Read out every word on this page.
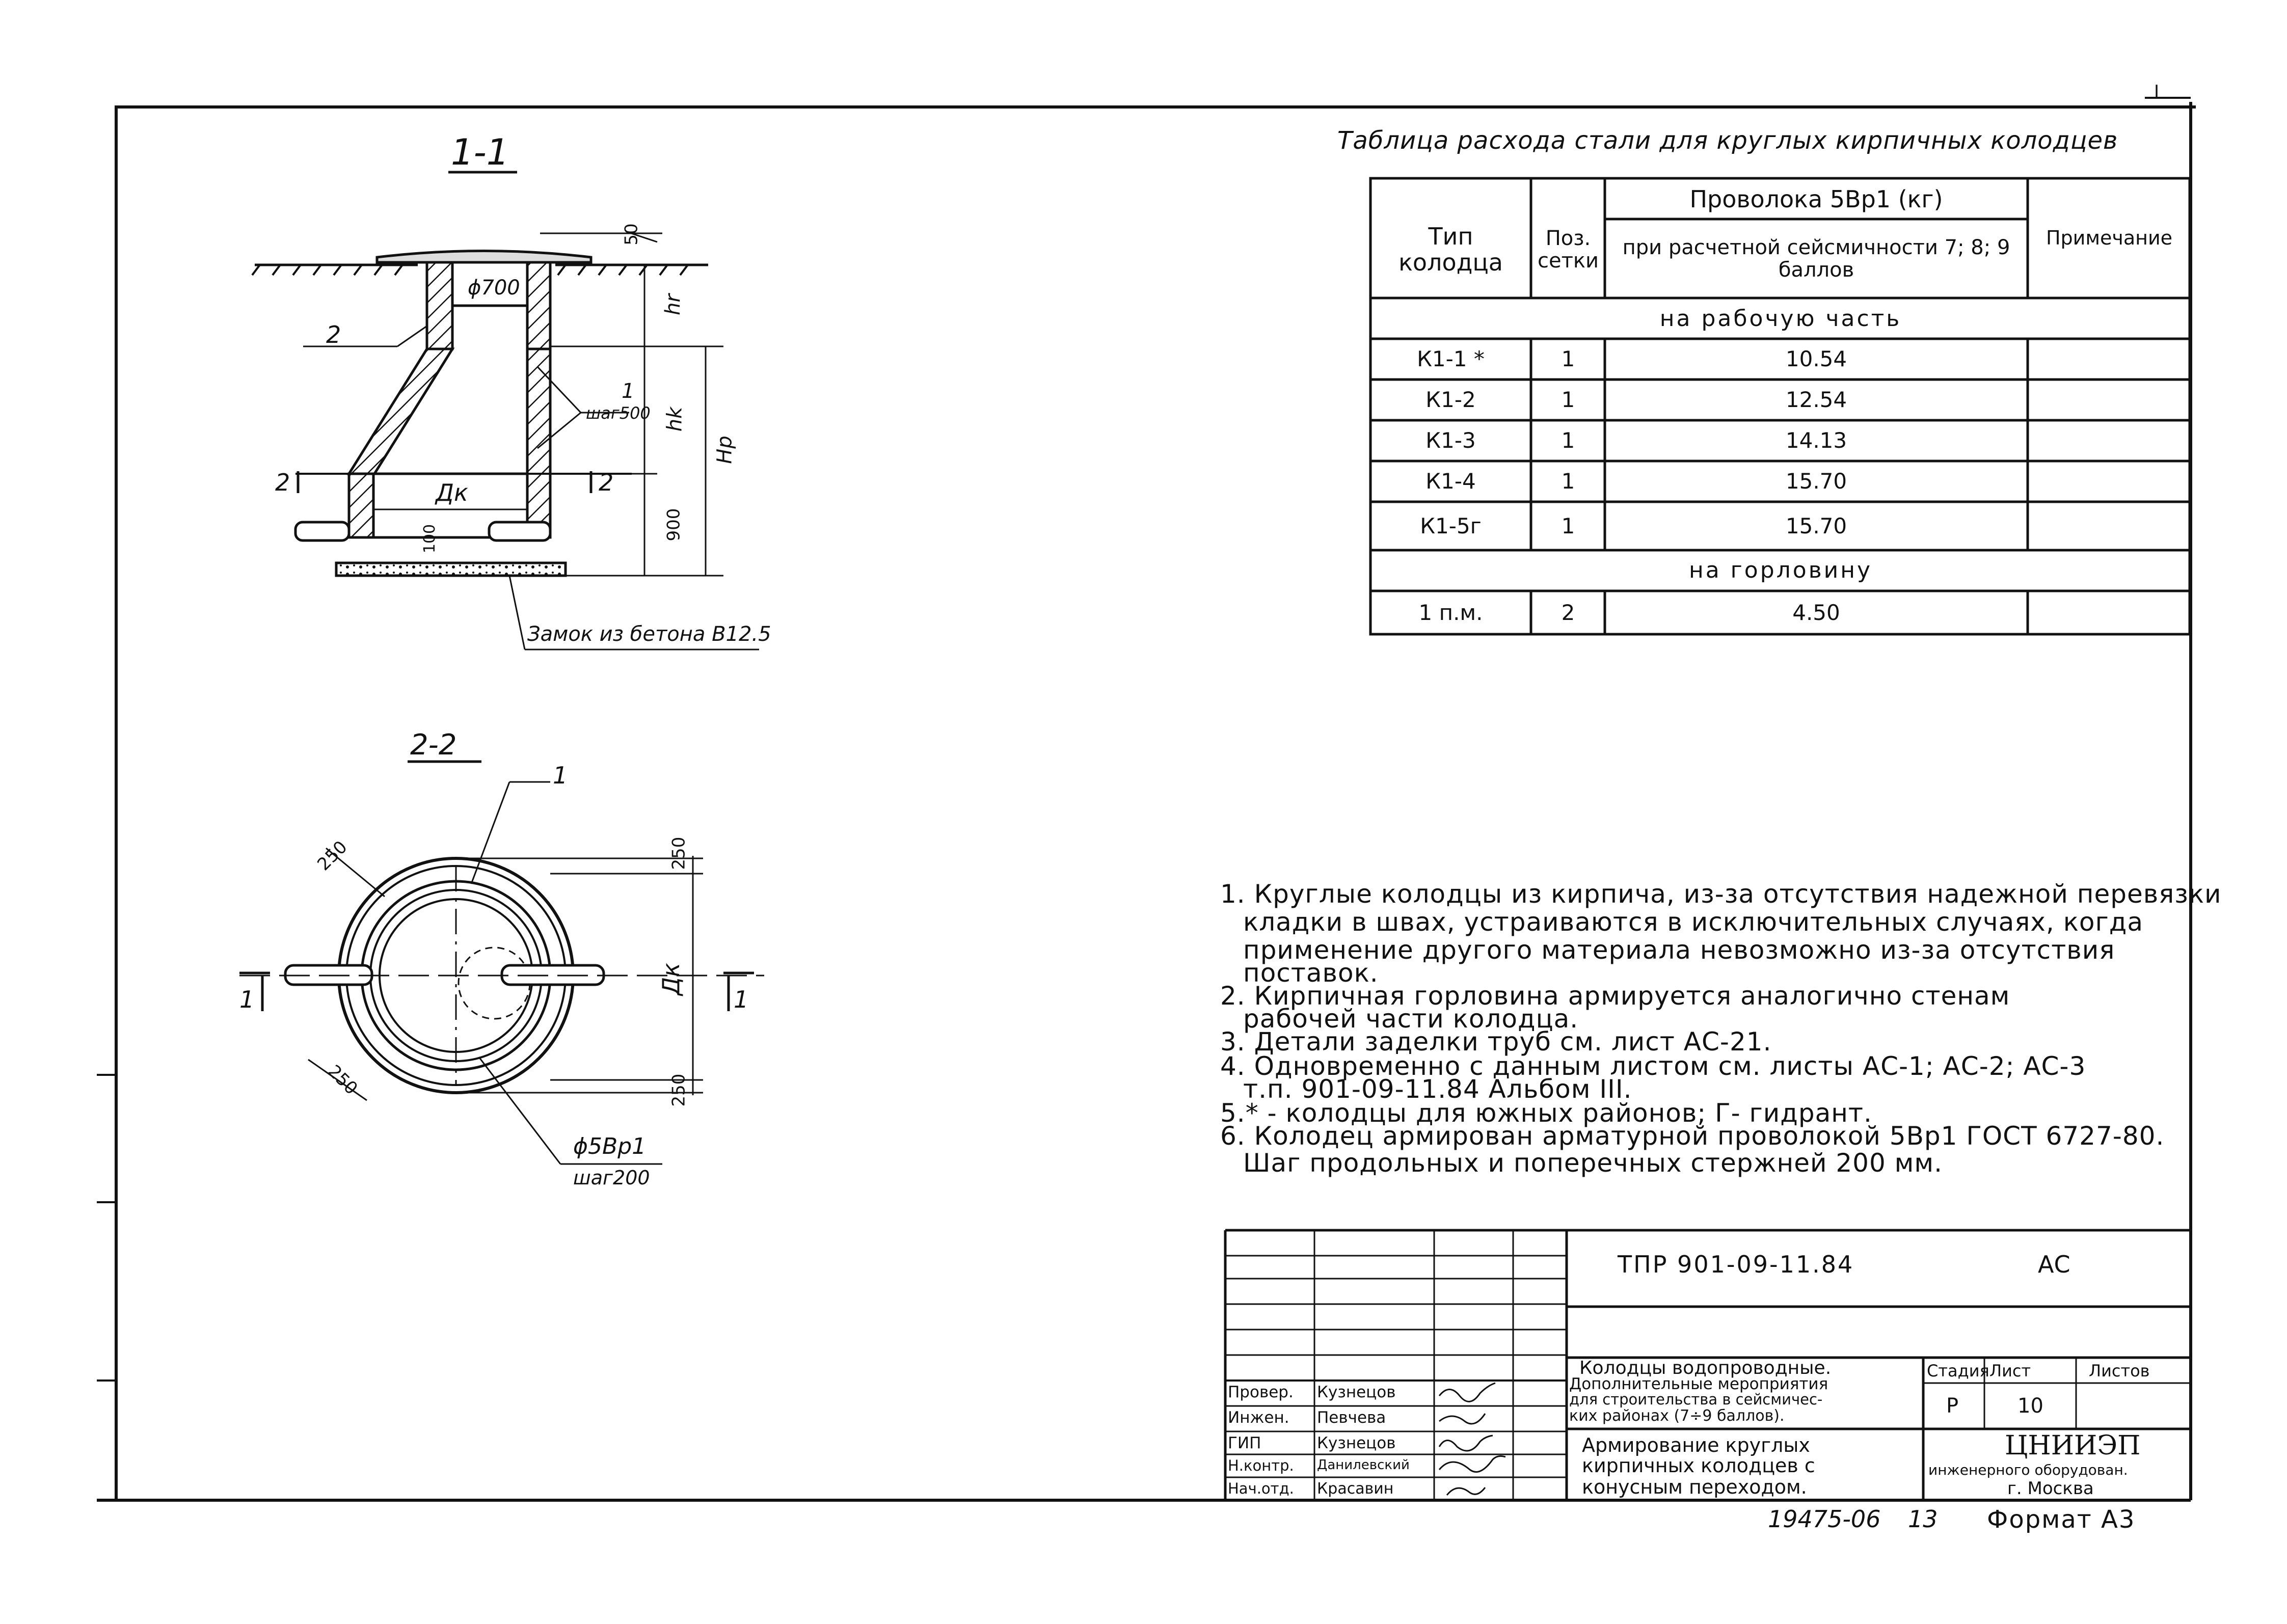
I
1-1
50
ϕ700
hr
hk
Hp
900
100
Дк
2
1
шаг500
2	2
Замок из бетона B12.5
2-2
1
250
250
250
250
Дк
1	1
ϕ5Bp1
шаг200
Таблица расхода стали для круглых кирпичных колодцев
Тип колодца
Поз. сетки
Проволока 5Bp1 (кг)
при расчетной сейсмичности 7; 8; 9 баллов
Примечание
на рабочую часть
К1-1 *	1	10.54
К1-2	1	12.54
К1-3	1	14.13
К1-4	1	15.70
К1-5г	1	15.70
на горловину
1 п.м.	2	4.50
1. Круглые колодцы из кирпича, из-за отсутствия надежной перевязки
кладки в швах, устраиваются в исключительных случаях, когда
применение другого материала невозможно из-за отсутствия
поставок.
2. Кирпичная горловина армируется аналогично стенам
рабочей части колодца.
3. Детали заделки труб см. лист АС-21.
4. Одновременно с данным листом см. листы АС-1; АС-2; АС-3
т.п. 901-09-11.84 Альбом III.
5.* - колодцы для южных районов; Г- гидрант.
6. Колодец армирован арматурной проволокой 5Bp1 ГОСТ 6727-80.
Шаг продольных и поперечных стержней 200 мм.
ТПР 901-09-11.84	АС
Колодцы водопроводные.
Дополнительные мероприятия
для строительства в сейсмичес-
ких районах (7÷9 баллов).
Армирование круглых
кирпичных колодцев с
конусным переходом.
Стадия Лист	Листов
Р	10
ЦНИИЭП
инженерного оборудован.
г. Москва
Провер. Кузнецов
Инжен. Певчева
ГИП	Кузнецов
Н.контр. Данилевский
Нач.отд. Красавин
19475-06 13 Формат А3
